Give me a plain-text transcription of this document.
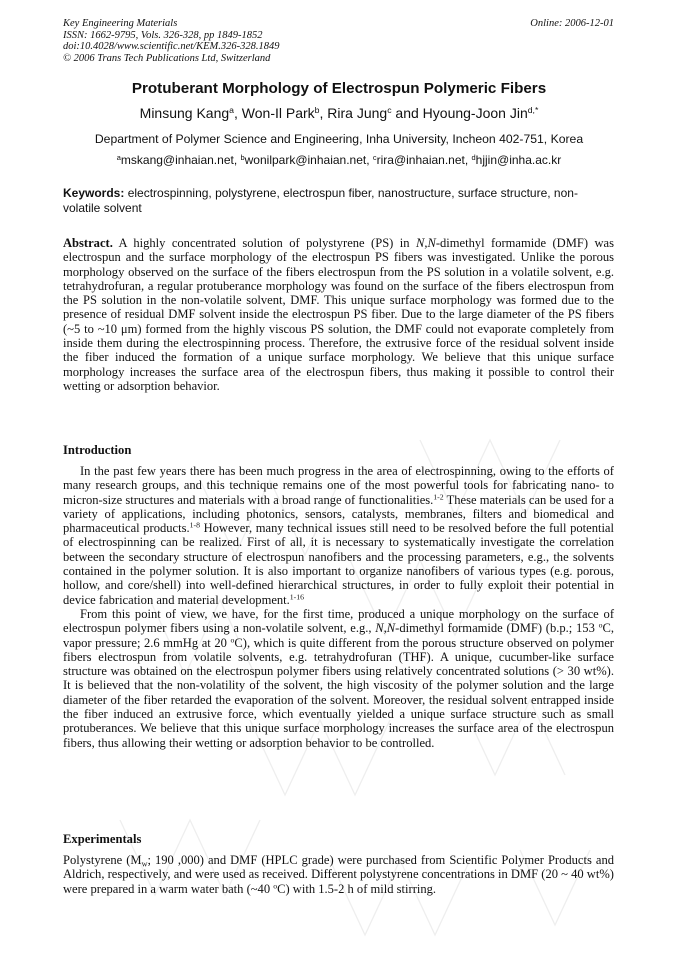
Key Engineering Materials
ISSN: 1662-9795, Vols. 326-328, pp 1849-1852
doi:10.4028/www.scientific.net/KEM.326-328.1849
© 2006 Trans Tech Publications Ltd, Switzerland
Online: 2006-12-01
Protuberant Morphology of Electrospun Polymeric Fibers
Minsung Kang$^a$, Won-Il Park$^b$, Rira Jung$^c$ and Hyoung-Joon Jin$^{d,*}$
Department of Polymer Science and Engineering, Inha University, Incheon 402-751, Korea
$^a$mskang@inhaian.net, $^b$wonilpark@inhaian.net, $^c$rira@inhaian.net, $^d$hjjin@inha.ac.kr
Keywords: electrospinning, polystyrene, electrospun fiber, nanostructure, surface structure, non-volatile solvent

Abstract. A highly concentrated solution of polystyrene (PS) in N,N-dimethyl formamide (DMF) was electrospun and the surface morphology of the electrospun PS fibers was investigated. Unlike the porous morphology observed on the surface of the fibers electrospun from the PS solution in a volatile solvent, e.g. tetrahydrofuran, a regular protuberance morphology was found on the surface of the fibers electrospun from the PS solution in the non-volatile solvent, DMF. This unique surface morphology was formed due to the presence of residual DMF solvent inside the electrospun PS fiber. Due to the large diameter of the PS fibers (~5 to ~10 μm) formed from the highly viscous PS solution, the DMF could not evaporate completely from inside them during the electrospinning process. Therefore, the extrusive force of the residual solvent inside the fiber induced the formation of a unique surface morphology. We believe that this unique surface morphology increases the surface area of the electrospun fibers, thus making it possible to control their wetting or adsorption behavior.

Introduction

In the past few years there has been much progress in the area of electrospinning, owing to the efforts of many research groups, and this technique remains one of the most powerful tools for fabricating nano- to micron-size structures and materials with a broad range of functionalities.$^{1-2}$ These materials can be used for a variety of applications, including photonics, sensors, catalysts, membranes, filters and biomedical and pharmaceutical products.$^{1-8}$ However, many technical issues still need to be resolved before the full potential of electrospinning can be realized. First of all, it is necessary to systematically investigate the correlation between the secondary structure of electrospun nanofibers and the processing parameters, e.g., the solvents contained in the polymer solution. It is also important to organize nanofibers of various types (e.g. porous, hollow, and core/shell) into well-defined hierarchical structures, in order to fully exploit their potential in device fabrication and material development.$^{1-16}$

From this point of view, we have, for the first time, produced a unique morphology on the surface of electrospun polymer fibers using a non-volatile solvent, e.g., N,N-dimethyl formamide (DMF) (b.p.; 153 $^o$C, vapor pressure; 2.6 mmHg at 20 $^o$C), which is quite different from the porous structure observed on polymer fibers electrospun from volatile solvents, e.g. tetrahydrofuran (THF). A unique, cucumber-like surface structure was obtained on the electrospun polymer fibers using relatively concentrated solutions (> 30 wt%). It is believed that the non-volatility of the solvent, the high viscosity of the polymer solution and the large diameter of the fiber retarded the evaporation of the solvent. Moreover, the residual solvent entrapped inside the fiber induced an extrusive force, which eventually yielded a unique surface structure such as small protuberances. We believe that this unique surface morphology increases the surface area of the electrospun fibers, thus allowing their wetting or adsorption behavior to be controlled.

Experimentals

Polystyrene ($M_w$; 190 ,000) and DMF (HPLC grade) were purchased from Scientific Polymer Products and Aldrich, respectively, and were used as received. Different polystyrene concentrations in DMF (20 ~ 40 wt%) were prepared in a warm water bath (~40 $^o$C) with 1.5-2 h of mild stirring.
